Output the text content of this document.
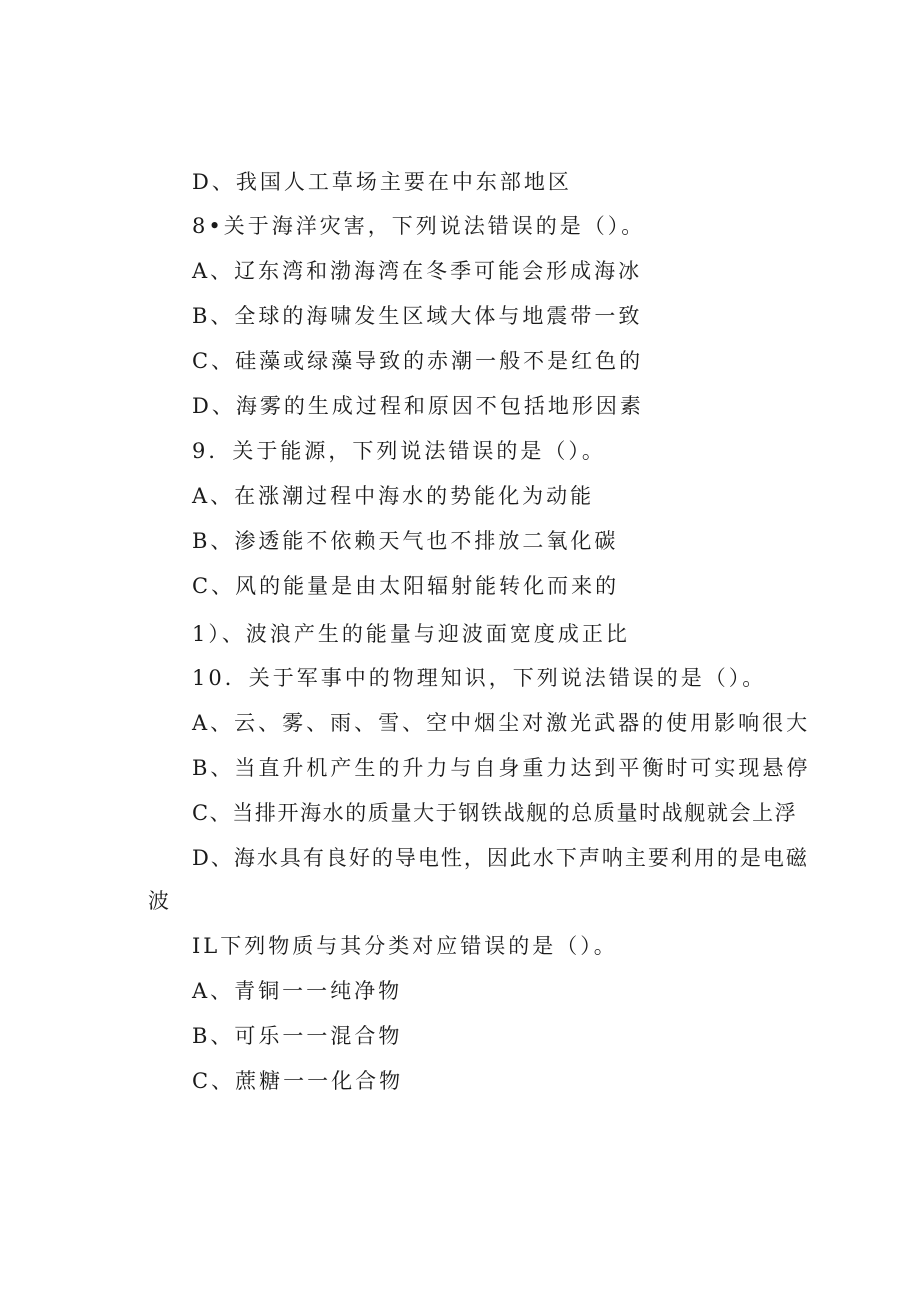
D、我国人工草场主要在中东部地区
8•关于海洋灾害，下列说法错误的是（）。
A、辽东湾和渤海湾在冬季可能会形成海冰
B、全球的海啸发生区域大体与地震带一致
C、硅藻或绿藻导致的赤潮一般不是红色的
D、海雾的生成过程和原因不包括地形因素
9．关于能源，下列说法错误的是（）。
A、在涨潮过程中海水的势能化为动能
B、渗透能不依赖天气也不排放二氧化碳
C、风的能量是由太阳辐射能转化而来的
1）、波浪产生的能量与迎波面宽度成正比
10．关于军事中的物理知识，下列说法错误的是（）。
A、云、雾、雨、雪、空中烟尘对激光武器的使用影响很大
B、当直升机产生的升力与自身重力达到平衡时可实现悬停
C、当排开海水的质量大于钢铁战舰的总质量时战舰就会上浮
D、海水具有良好的导电性，因此水下声呐主要利用的是电磁
波
IL下列物质与其分类对应错误的是（）。
A、青铜一一纯净物
B、可乐一一混合物
C、蔗糖一一化合物
